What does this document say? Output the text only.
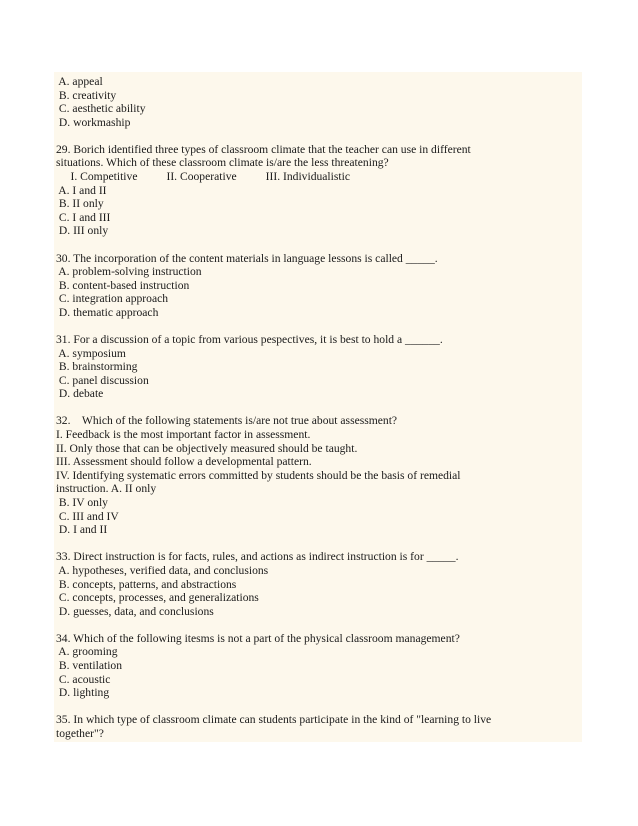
A. appeal
B. creativity
C. aesthetic ability
D. workmaship
29. Borich identified three types of classroom climate that the teacher can use in different
situations. Which of these classroom climate is/are the less threatening?
I. Competitive          II. Cooperative          III. Individualistic
A. I and II
B. II only
C. I and III
D. III only
30. The incorporation of the content materials in language lessons is called _____.
A. problem-solving instruction
B. content-based instruction
C. integration approach
D. thematic approach
31. For a discussion of a topic from various pespectives, it is best to hold a ______.
A. symposium
B. brainstorming
C. panel discussion
D. debate
32.    Which of the following statements is/are not true about assessment?
I. Feedback is the most important factor in assessment.
II. Only those that can be objectively measured should be taught.
III. Assessment should follow a developmental pattern.
IV. Identifying systematic errors committed by students should be the basis of remedial
instruction. A. II only
B. IV only
C. III and IV
D. I and II
33. Direct instruction is for facts, rules, and actions as indirect instruction is for _____.
A. hypotheses, verified data, and conclusions
B. concepts, patterns, and abstractions
C. concepts, processes, and generalizations
D. guesses, data, and conclusions
34. Which of the following itesms is not a part of the physical classroom management?
A. grooming
B. ventilation
C. acoustic
D. lighting
35. In which type of classroom climate can students participate in the kind of "learning to live
together"?
